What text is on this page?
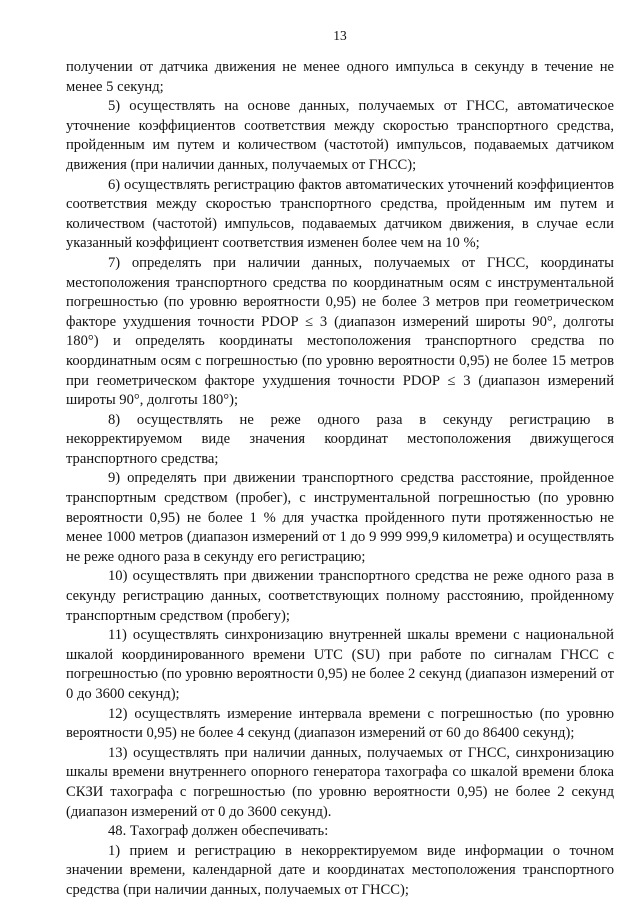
13

получении от датчика движения не менее одного импульса в секунду в течение не менее 5 секунд;

5) осуществлять на основе данных, получаемых от ГНСС, автоматическое уточнение коэффициентов соответствия между скоростью транспортного средства, пройденным им путем и количеством (частотой) импульсов, подаваемых датчиком движения (при наличии данных, получаемых от ГНСС);

6) осуществлять регистрацию фактов автоматических уточнений коэффициентов соответствия между скоростью транспортного средства, пройденным им путем и количеством (частотой) импульсов, подаваемых датчиком движения, в случае если указанный коэффициент соответствия изменен более чем на 10 %;

7) определять при наличии данных, получаемых от ГНСС, координаты местоположения транспортного средства по координатным осям с инструментальной погрешностью (по уровню вероятности 0,95) не более 3 метров при геометрическом факторе ухудшения точности PDOP ≤ 3 (диапазон измерений широты 90°, долготы 180°) и определять координаты местоположения транспортного средства по координатным осям с погрешностью (по уровню вероятности 0,95) не более 15 метров при геометрическом факторе ухудшения точности PDOP ≤ 3 (диапазон измерений широты 90°, долготы 180°);

8) осуществлять не реже одного раза в секунду регистрацию в некорректируемом виде значения координат местоположения движущегося транспортного средства;

9) определять при движении транспортного средства расстояние, пройденное транспортным средством (пробег), с инструментальной погрешностью (по уровню вероятности 0,95) не более 1 % для участка пройденного пути протяженностью не менее 1000 метров (диапазон измерений от 1 до 9 999 999,9 километра) и осуществлять не реже одного раза в секунду его регистрацию;

10) осуществлять при движении транспортного средства не реже одного раза в секунду регистрацию данных, соответствующих полному расстоянию, пройденному транспортным средством (пробегу);

11) осуществлять синхронизацию внутренней шкалы времени с национальной шкалой координированного времени UTC (SU) при работе по сигналам ГНСС с погрешностью (по уровню вероятности 0,95) не более 2 секунд (диапазон измерений от 0 до 3600 секунд);

12) осуществлять измерение интервала времени с погрешностью (по уровню вероятности 0,95) не более 4 секунд (диапазон измерений от 60 до 86400 секунд);

13) осуществлять при наличии данных, получаемых от ГНСС, синхронизацию шкалы времени внутреннего опорного генератора тахографа со шкалой времени блока СКЗИ тахографа с погрешностью (по уровню вероятности 0,95) не более 2 секунд (диапазон измерений от 0 до 3600 секунд).

48. Тахограф должен обеспечивать:

1) прием и регистрацию в некорректируемом виде информации о точном значении времени, календарной дате и координатах местоположения транспортного средства (при наличии данных, получаемых от ГНСС);
